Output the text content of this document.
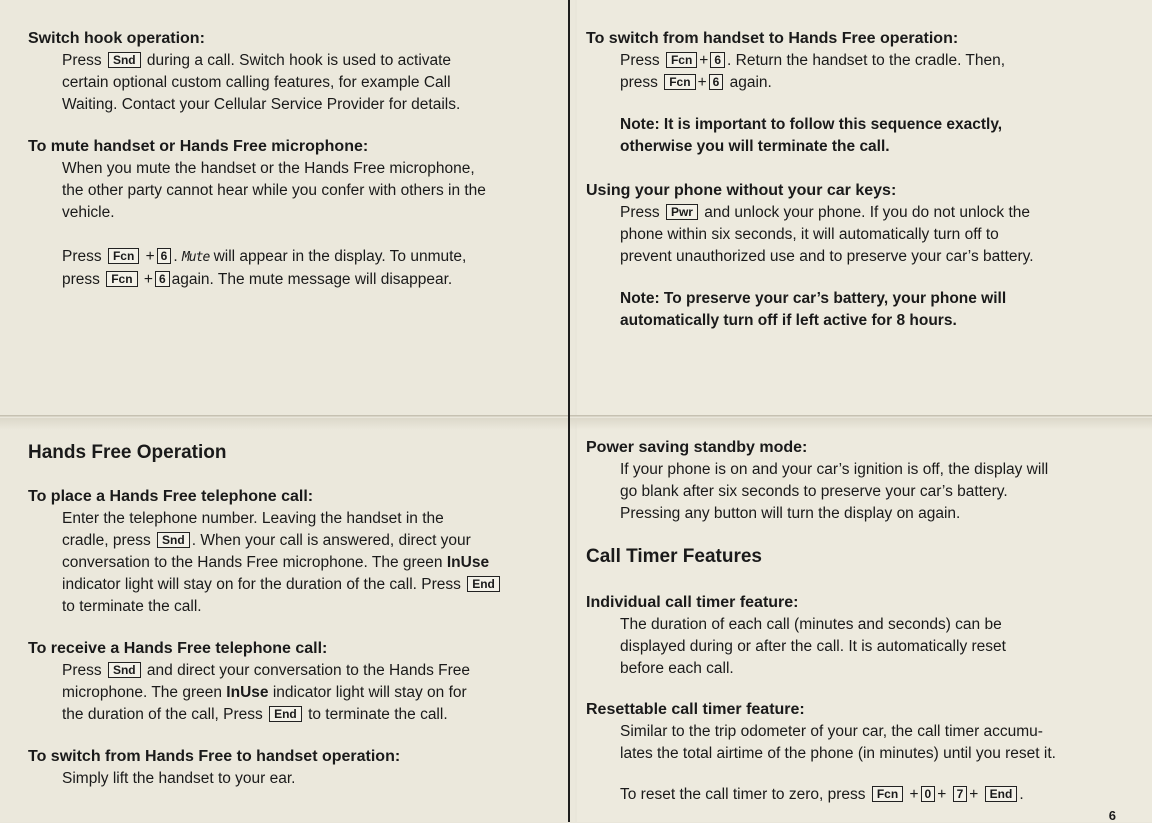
Switch hook operation:
Press Snd during a call. Switch hook is used to activate
certain optional custom calling features, for example Call
Waiting. Contact your Cellular Service Provider for details.
To mute handset or Hands Free microphone:
When you mute the handset or the Hands Free microphone,
the other party cannot hear while you confer with others in the
vehicle.
Press Fcn + 6 . Mute will appear in the display. To unmute,
press Fcn + 6 again. The mute message will disappear.
To switch from handset to Hands Free operation:
Press Fcn + 6 . Return the handset to the cradle. Then,
press Fcn + 6 again.
Note: It is important to follow this sequence exactly,
otherwise you will terminate the call.
Using your phone without your car keys:
Press Pwr and unlock your phone. If you do not unlock the
phone within six seconds, it will automatically turn off to
prevent unauthorized use and to preserve your car’s battery.
Note: To preserve your car’s battery, your phone will
automatically turn off if left active for 8 hours.
Hands Free Operation
To place a Hands Free telephone call:
Enter the telephone number. Leaving the handset in the
cradle, press Snd . When your call is answered, direct your
conversation to the Hands Free microphone. The green InUse
indicator light will stay on for the duration of the call. Press End
to terminate the call.
To receive a Hands Free telephone call:
Press Snd and direct your conversation to the Hands Free
microphone. The green InUse indicator light will stay on for
the duration of the call, Press End to terminate the call.
To switch from Hands Free to handset operation:
Simply lift the handset to your ear.
Power saving standby mode:
If your phone is on and your car’s ignition is off, the display will
go blank after six seconds to preserve your car’s battery.
Pressing any button will turn the display on again.
Call Timer Features
Individual call timer feature:
The duration of each call (minutes and seconds) can be
displayed during or after the call. It is automatically reset
before each call.
Resettable call timer feature:
Similar to the trip odometer of your car, the call timer accumu-
lates the total airtime of the phone (in minutes) until you reset it.
To reset the call timer to zero, press Fcn + 0 + 7 + End .
6
